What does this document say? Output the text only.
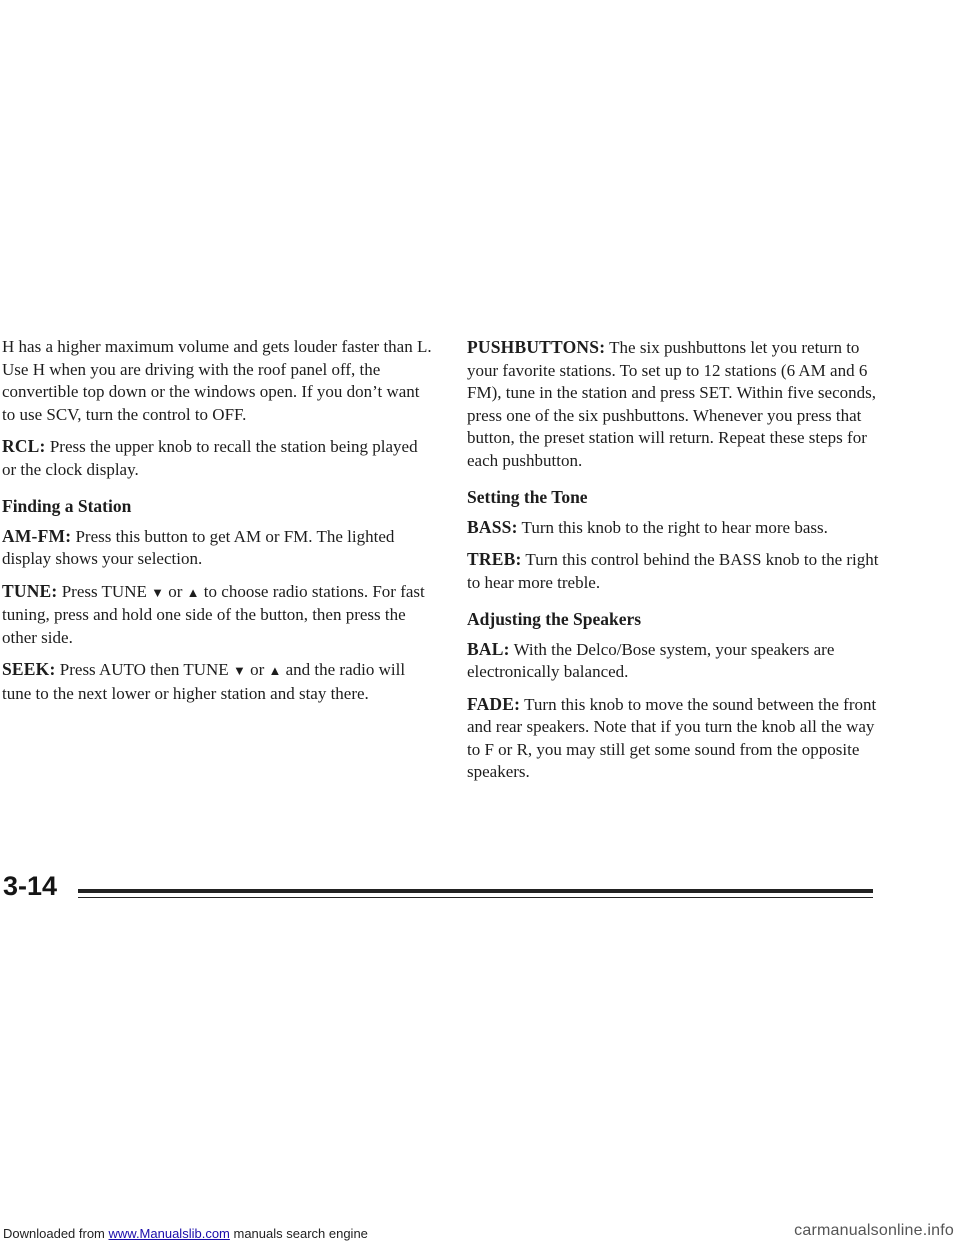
H has a higher maximum volume and gets louder faster than L. Use H when you are driving with the roof panel off, the convertible top down or the windows open. If you don’t want to use SCV, turn the control to OFF.

RCL: Press the upper knob to recall the station being played or the clock display.

Finding a Station

AM-FM: Press this button to get AM or FM. The lighted display shows your selection.

TUNE: Press TUNE ▼ or ▲ to choose radio stations. For fast tuning, press and hold one side of the button, then press the other side.

SEEK: Press AUTO then TUNE ▼ or ▲ and the radio will tune to the next lower or higher station and stay there.

PUSHBUTTONS: The six pushbuttons let you return to your favorite stations. To set up to 12 stations (6 AM and 6 FM), tune in the station and press SET. Within five seconds, press one of the six pushbuttons. Whenever you press that button, the preset station will return. Repeat these steps for each pushbutton.

Setting the Tone

BASS: Turn this knob to the right to hear more bass.

TREB: Turn this control behind the BASS knob to the right to hear more treble.

Adjusting the Speakers

BAL: With the Delco/Bose system, your speakers are electronically balanced.

FADE: Turn this knob to move the sound between the front and rear speakers. Note that if you turn the knob all the way to F or R, you may still get some sound from the opposite speakers.

3-14
Downloaded from www.Manualslib.com manuals search engine	carmanualsonline.info
